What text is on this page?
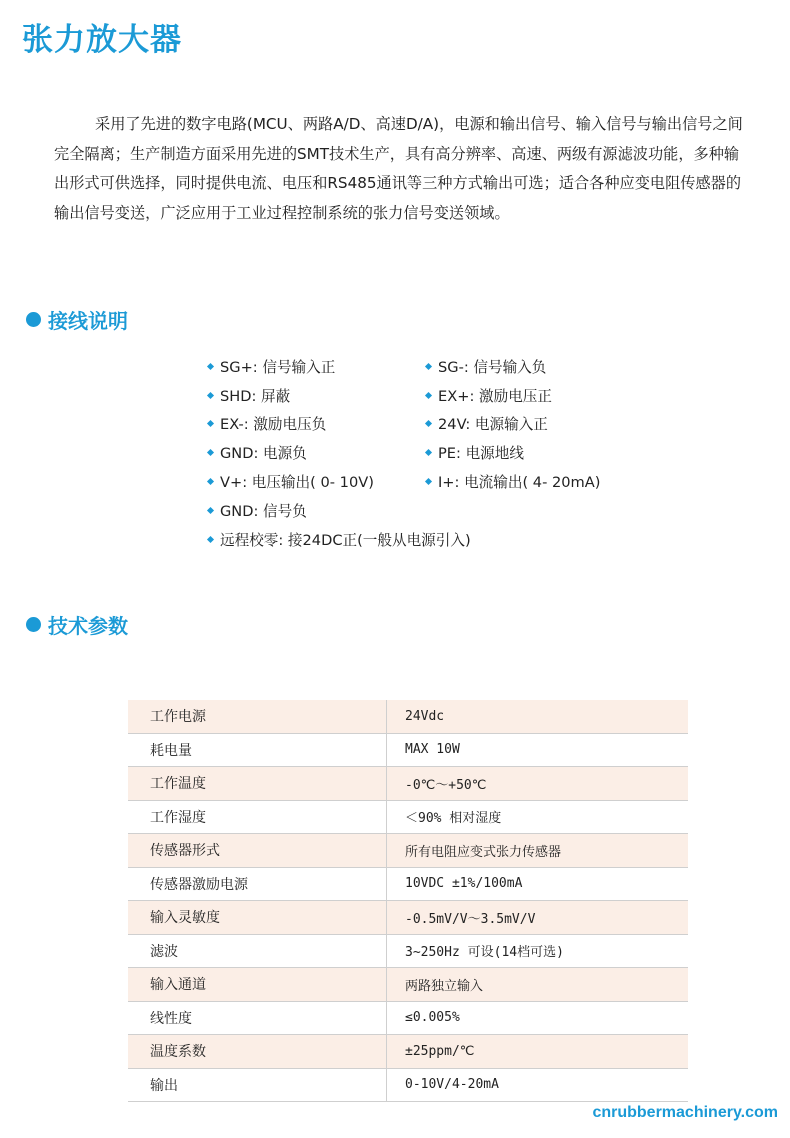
张力放大器

采用了先进的数字电路(MCU、两路A/D、高速D/A)，电源和输出信号、输入信号与输出信号之间完全隔离；生产制造方面采用先进的SMT技术生产，具有高分辨率、高速、两级有源滤波功能，多种输出形式可供选择，同时提供电流、电压和RS485通讯等三种方式输出可选；适合各种应变电阻传感器的输出信号变送，广泛应用于工业过程控制系统的张力信号变送领域。

接线说明
SG+: 信号输入正	SG-: 信号输入负
SHD: 屏蔽	EX+: 激励电压正
EX-: 激励电压负	24V: 电源输入正
GND: 电源负	PE: 电源地线
V+: 电压输出( 0- 10V)	I+: 电流输出( 4- 20mA)
GND: 信号负
远程校零: 接24DC正(一般从电源引入)
技术参数
工作电源	24Vdc
耗电量	MAX 10W
工作温度	-0℃～+50℃
工作湿度	＜90% 相对湿度
传感器形式	所有电阻应变式张力传感器
传感器激励电源	10VDC ±1%/100mA
输入灵敏度	-0.5mV/V～3.5mV/V
滤波	3~250Hz 可设(14档可选)
输入通道	两路独立输入
线性度	≤0.005%
温度系数	±25ppm/℃
输出	0-10V/4-20mA
cnrubbermachinery.com
